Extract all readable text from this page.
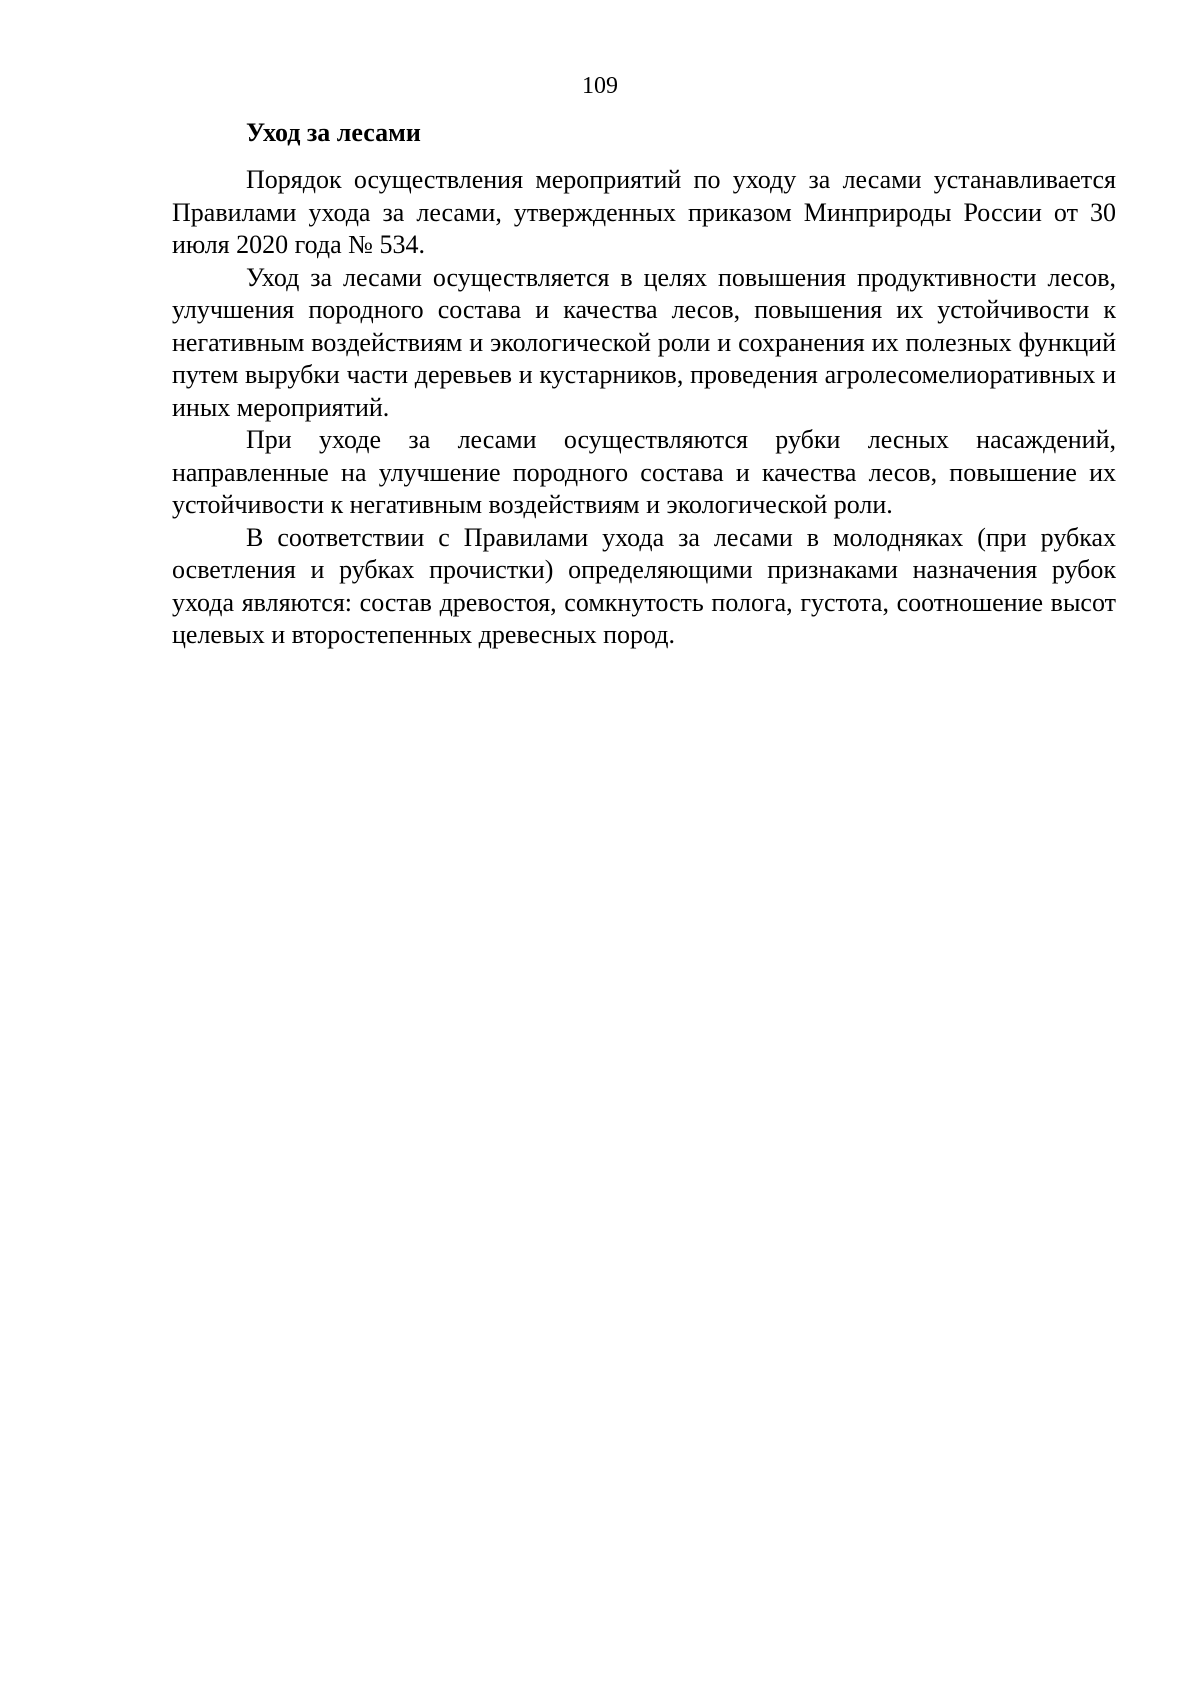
109
Уход за лесами

Порядок осуществления мероприятий по уходу за лесами устанавливается Правилами ухода за лесами, утвержденных приказом Минприроды России от 30 июля 2020 года № 534.

Уход за лесами осуществляется в целях повышения продуктивности лесов, улучшения породного состава и качества лесов, повышения их устойчивости к негативным воздействиям и экологической роли и сохранения их полезных функций путем вырубки части деревьев и кустарников, проведения агролесомелиоративных и иных мероприятий.

При уходе за лесами осуществляются рубки лесных насаждений, направленные на улучшение породного состава и качества лесов, повышение их устойчивости к негативным воздействиям и экологической роли.

В соответствии с Правилами ухода за лесами в молодняках (при рубках осветления и рубках прочистки) определяющими признаками назначения рубок ухода являются: состав древостоя, сомкнутость полога, густота, соотношение высот целевых и второстепенных древесных пород.
